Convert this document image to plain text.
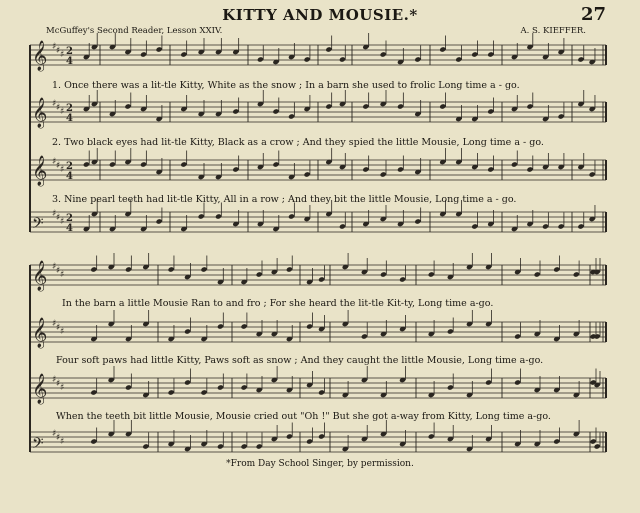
KITTY AND MOUSIE.*	27
McGuffey's Second Reader, Lesson XXIV.	A. S. KIEFFER.
𝄞 ♯ ♯ ♯ 2
4
𝄞 ♯ ♯ ♯ 2
4
𝄞 ♯ ♯ ♯ 2
4
𝄢
♯ ♯ ♯ 2
4
𝄞 ♯ ♯ ♯
𝄞 ♯ ♯ ♯
𝄞 ♯ ♯ ♯
𝄢
♯ ♯ ♯
1. Once there was a lit-tle Kitty, White as the snow ; In a barn she used to frolic Long time a - go.
2. Two black eyes had lit-tle Kitty, Black as a crow ; And they spied the little Mousie, Long time a - go.
3. Nine pearl teeth had lit-tle Kitty, All in a row ; And they bit the little Mousie, Long time a - go.
In the barn a little Mousie Ran to and fro ; For she heard the lit-tle Kit-ty, Long time a-go.
Four soft paws had little Kitty, Paws soft as snow ; And they caught the little Mousie, Long time a-go.
When the teeth bit little Mousie, Mousie cried out "Oh !" But she got a-way from Kitty, Long time a-go.
*From Day School Singer, by permission.
